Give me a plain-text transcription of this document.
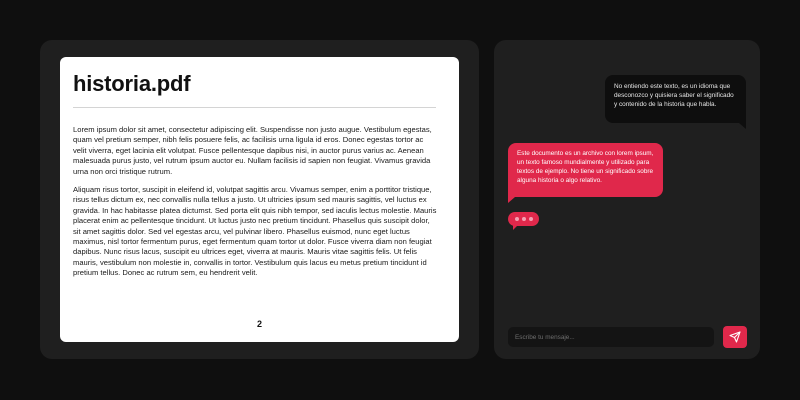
historia.pdf

Lorem ipsum dolor sit amet, consectetur adipiscing elit. Suspendisse non justo augue. Vestibulum egestas, quam vel pretium semper, nibh felis posuere felis, ac facilisis urna ligula id eros. Donec egestas tortor ac velit viverra, eget lacinia elit volutpat. Fusce pellentesque dapibus nisi, in auctor purus varius ac. Aenean malesuada purus justo, vel rutrum ipsum auctor eu. Nullam facilisis id sapien non feugiat. Vivamus gravida urna non orci tristique rutrum.

Aliquam risus tortor, suscipit in eleifend id, volutpat sagittis arcu. Vivamus semper, enim a porttitor tristique, risus tellus dictum ex, nec convallis nulla tellus a justo. Ut ultricies ipsum sed mauris sagittis, vel luctus ex gravida. In hac habitasse platea dictumst. Sed porta elit quis nibh tempor, sed iaculis lectus molestie. Mauris placerat enim ac pellentesque tincidunt. Ut luctus justo nec pretium tincidunt. Phasellus quis suscipit dolor, sit amet sagittis dolor. Sed vel egestas arcu, vel pulvinar libero. Phasellus euismod, nunc eget luctus maximus, nisl tortor fermentum purus, eget fermentum quam tortor ut dolor. Fusce viverra diam non feugiat dapibus. Nunc risus lacus, suscipit eu ultrices eget, viverra at mauris. Mauris vitae sagittis felis. Ut felis mauris, vestibulum non molestie in, convallis in tortor. Vestibulum quis lacus eu metus pretium tincidunt id pretium tellus. Donec ac rutrum sem, eu hendrerit velit.

2
No entiendo este texto, es un idioma que desconozco y quisiera saber el significado y contenido de la historia que habla.
Este documento es un archivo con lorem ipsum, un texto famoso mundialmente y utilizado para textos de ejemplo. No tiene un significado sobre alguna historia o algo relativo.
Escribe tu mensaje...
